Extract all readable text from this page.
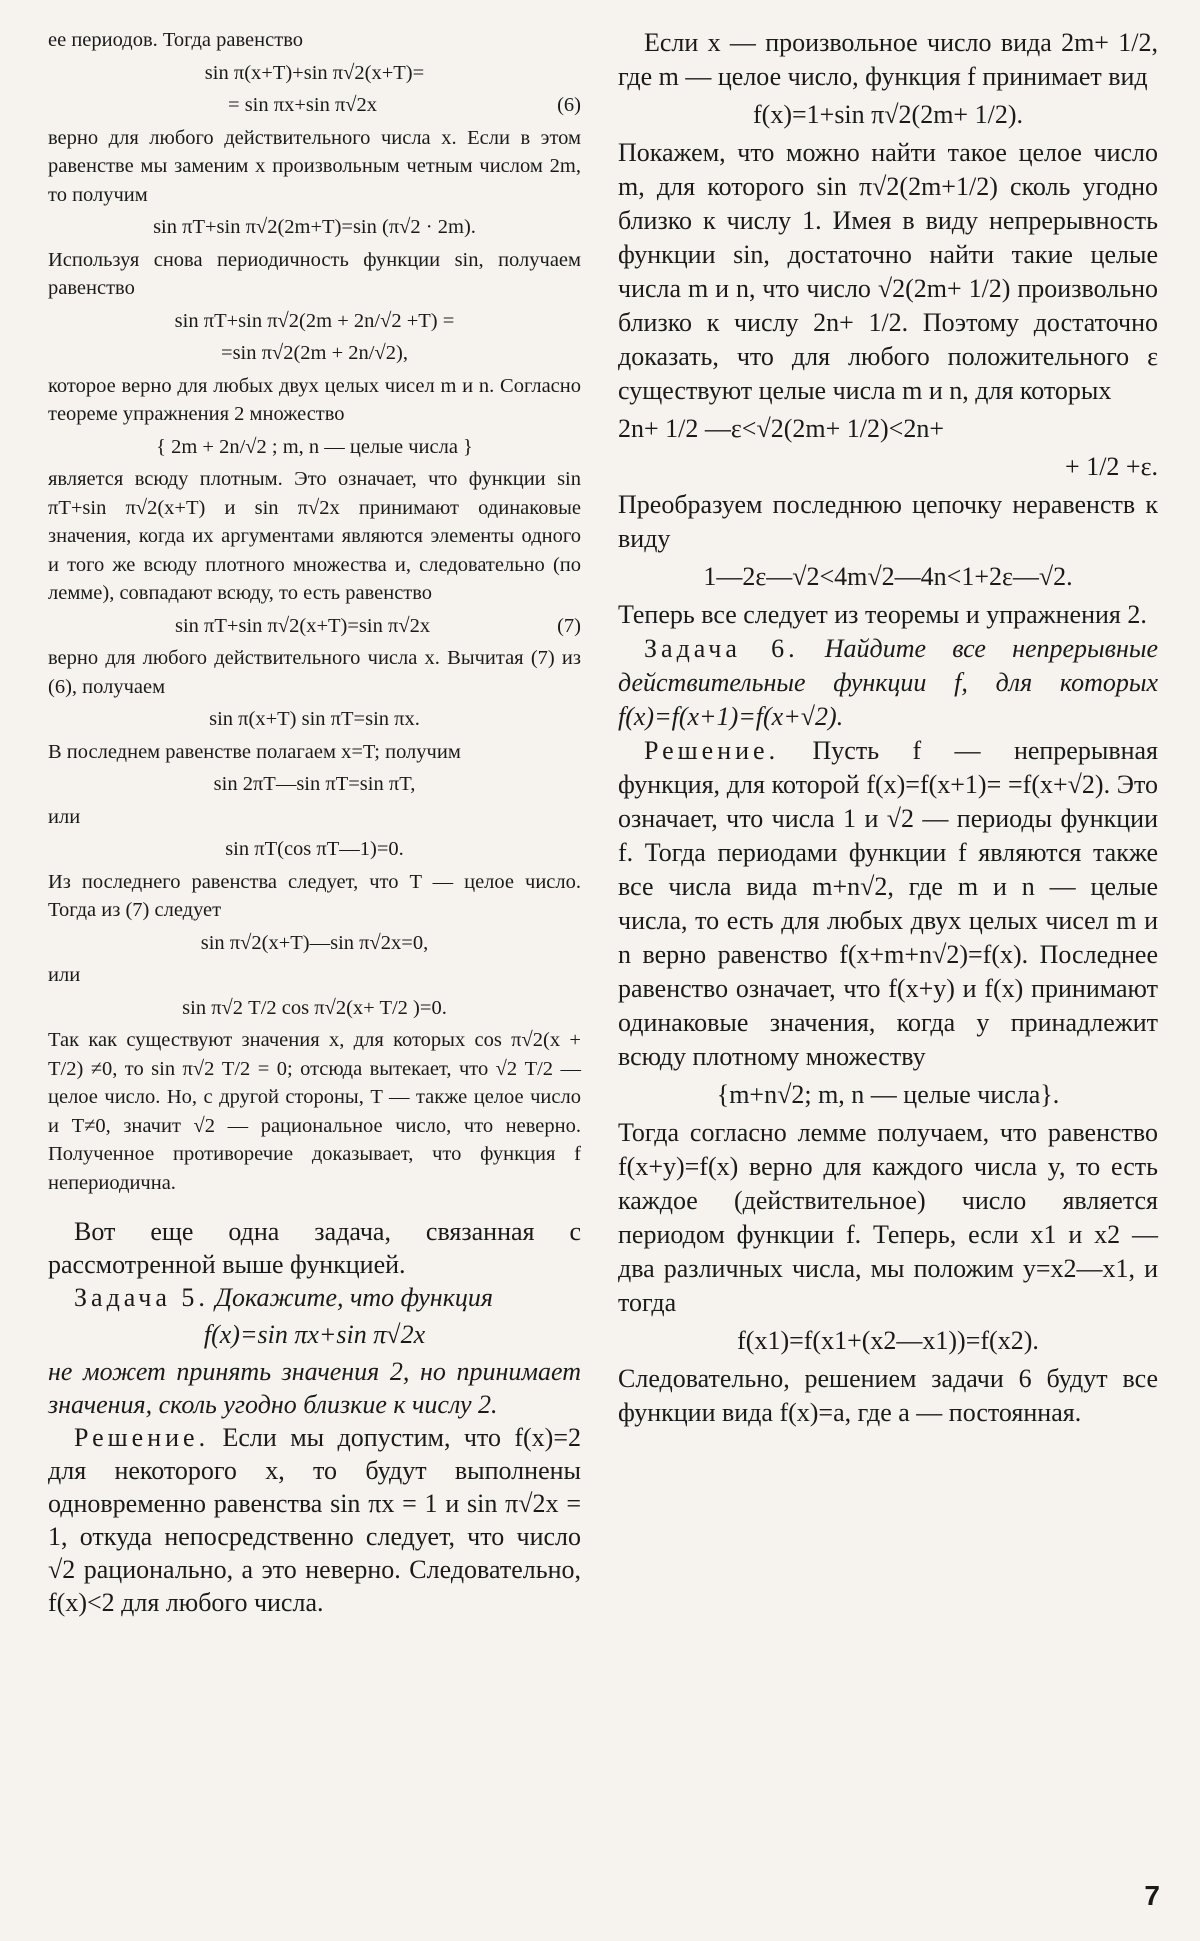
ее периодов. Тогда равенство

sin π(x+T)+sin π√2(x+T)=
= sin πx+sin π√2x	(6)

верно для любого действительного числа x. Если в этом равенстве мы заменим x произвольным четным числом 2m, то получим

sin πT+sin π√2(2m+T)=sin (π√2 · 2m).

Используя снова периодичность функции sin, получаем равенство

sin πT+sin π√2(2m + 2n/√2 +T) =
=sin π√2(2m + 2n/√2),

которое верно для любых двух целых чисел m и n. Согласно теореме упражнения 2 множество

{ 2m + 2n/√2 ; m, n — целые числа }

является всюду плотным. Это означает, что функции sin πT+sin π√2(x+T) и sin π√2x принимают одинаковые значения, когда их аргументами являются элементы одного и того же всюду плотного множества и, следовательно (по лемме), совпадают всюду, то есть равенство

sin πT+sin π√2(x+T)=sin π√2x	(7)

верно для любого действительного числа x. Вычитая (7) из (6), получаем

sin π(x+T) sin πT=sin πx.

В последнем равенстве полагаем x=T; получим

sin 2πT—sin πT=sin πT,

или

sin πT(cos πT—1)=0.

Из последнего равенства следует, что T — целое число. Тогда из (7) следует

sin π√2(x+T)—sin π√2x=0,

или

sin π√2 T/2 cos π√2(x+ T/2 )=0.

Так как существуют значения x, для которых cos π√2(x + T/2) ≠0, то sin π√2 T/2 = 0; отсюда вытекает, что √2 T/2 — целое число. Но, с другой стороны, T — также целое число и T≠0, значит √2 — рациональное число, что неверно. Полученное противоречие доказывает, что функция f непериодична.

Вот еще одна задача, связанная с рассмотренной выше функцией.

Задача 5. Докажите, что функция

f(x)=sin πx+sin π√2x

не может принять значения 2, но принимает значения, сколь угодно близкие к числу 2.

Решение. Если мы допустим, что f(x)=2 для некоторого x, то будут выполнены одновременно равенства sin πx = 1 и sin π√2x = 1, откуда непосредственно следует, что число √2 рационально, а это неверно. Следовательно, f(x)<2 для любого числа.

Если x — произвольное число вида 2m+ 1/2, где m — целое число, функция f принимает вид

f(x)=1+sin π√2(2m+ 1/2).

Покажем, что можно найти такое целое число m, для которого sin π√2(2m+1/2) сколь угодно близко к числу 1. Имея в виду непрерывность функции sin, достаточно найти такие целые числа m и n, что число √2(2m+ 1/2) произвольно близко к числу 2n+ 1/2. Поэтому достаточно доказать, что для любого положительного ε существуют целые числа m и n, для которых

2n+ 1/2 —ε<√2(2m+ 1/2)<2n+
+ 1/2 +ε.

Преобразуем последнюю цепочку неравенств к виду

1—2ε—√2<4m√2—4n<1+2ε—√2.

Теперь все следует из теоремы и упражнения 2.

Задача 6. Найдите все непрерывные действительные функции f, для которых f(x)=f(x+1)=f(x+√2).

Решение. Пусть f — непрерывная функция, для которой f(x)=f(x+1)= =f(x+√2). Это означает, что числа 1 и √2 — периоды функции f. Тогда периодами функции f являются также все числа вида m+n√2, где m и n — целые числа, то есть для любых двух целых чисел m и n верно равенство f(x+m+n√2)=f(x). Последнее равенство означает, что f(x+y) и f(x) принимают одинаковые значения, когда y принадлежит всюду плотному множеству

{m+n√2; m, n — целые числа}.

Тогда согласно лемме получаем, что равенство f(x+y)=f(x) верно для каждого числа y, то есть каждое (действительное) число является периодом функции f. Теперь, если x1 и x2 — два различных числа, мы положим y=x2—x1, и тогда

f(x1)=f(x1+(x2—x1))=f(x2).

Следовательно, решением задачи 6 будут все функции вида f(x)=a, где a — постоянная.

7
